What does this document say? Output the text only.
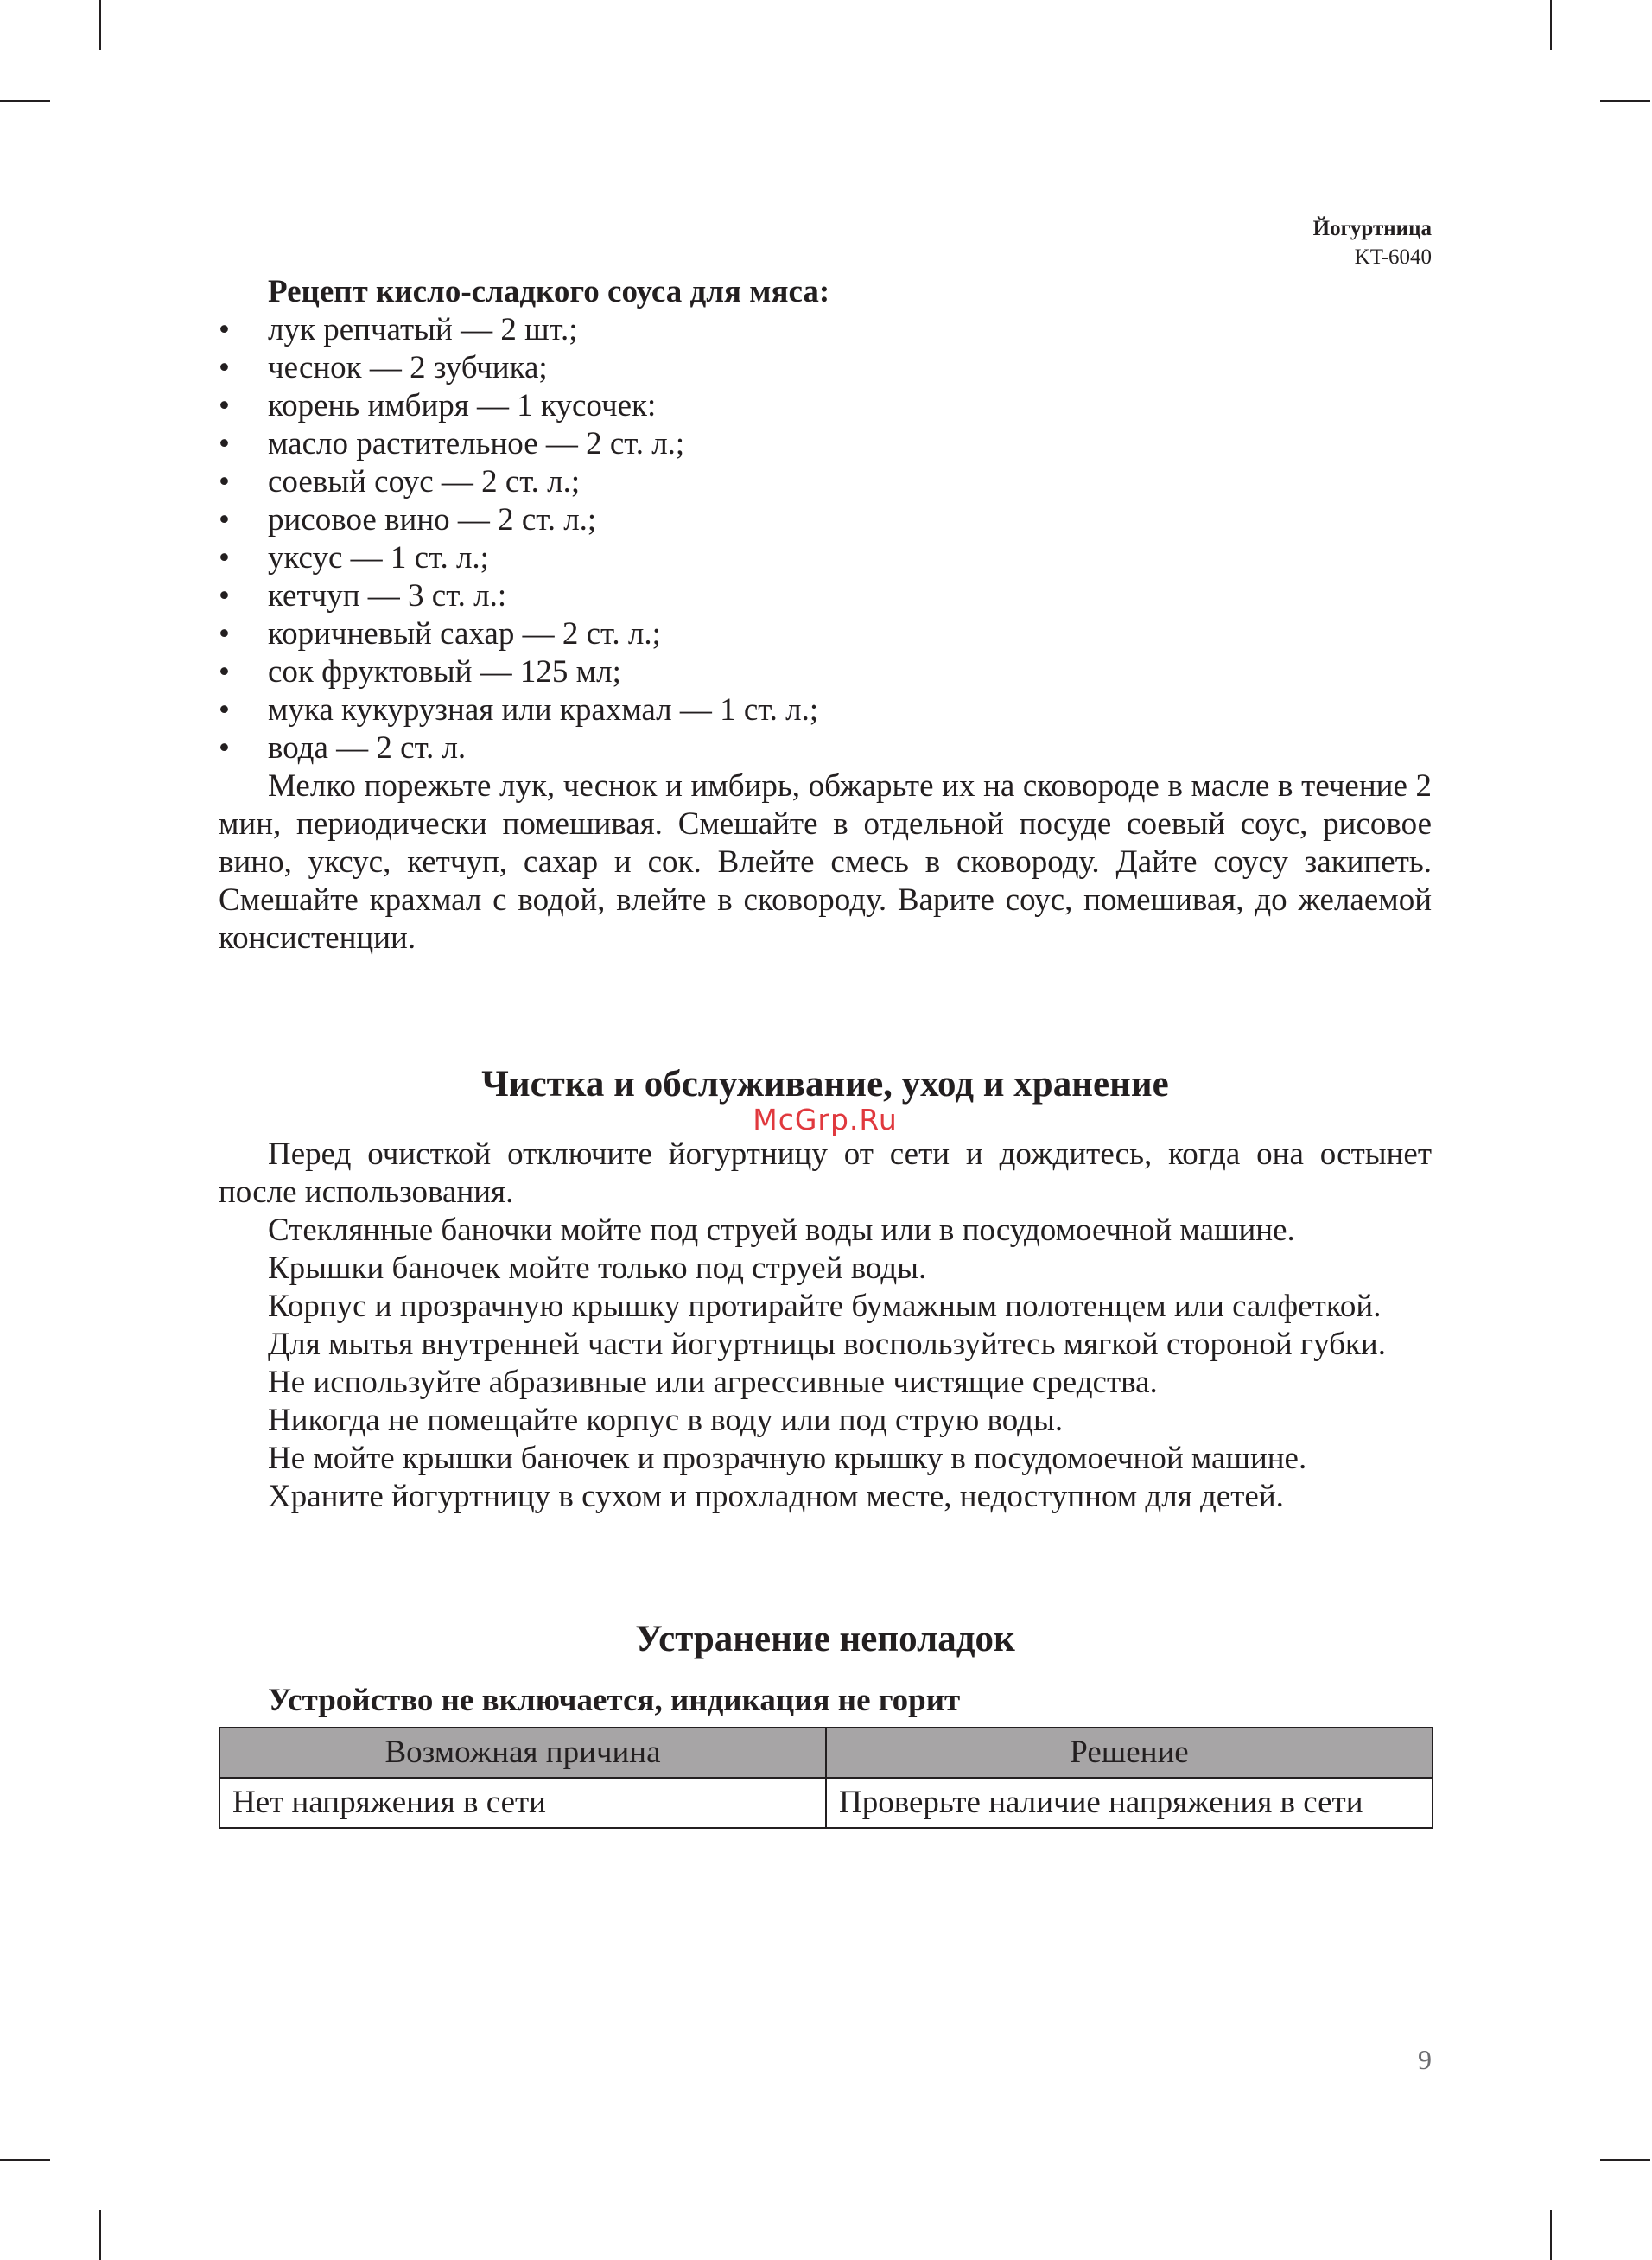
Йогуртница
KT-6040

Рецепт кисло-сладкого соуса для мяса:

• лук репчатый — 2 шт.;
• чеснок — 2 зубчика;
• корень имбиря — 1 кусочек:
• масло растительное — 2 ст. л.;
• соевый соус — 2 ст. л.;
• рисовое вино — 2 ст. л.;
• уксус — 1 ст. л.;
• кетчуп — 3 ст. л.:
• коричневый сахар — 2 ст. л.;
• сок фруктовый — 125 мл;
• мука кукурузная или крахмал — 1 ст. л.;
• вода — 2 ст. л.

Мелко порежьте лук, чеснок и имбирь, обжарьте их на сковороде в масле в течение 2 мин, периодически помешивая. Смешайте в отдельной посуде соевый соус, рисовое вино, уксус, кетчуп, сахар и сок. Влейте смесь в сковороду. Дайте соусу закипеть. Смешайте крахмал с водой, влейте в сковороду. Варите соус, помешивая, до желаемой консистенции.

Чистка и обслуживание, уход и хранение
McGrp.Ru

Перед очисткой отключите йогуртницу от сети и дождитесь, когда она остынет после использования.

Стеклянные баночки мойте под струей воды или в посудомоечной машине.

Крышки баночек мойте только под струей воды.

Корпус и прозрачную крышку протирайте бумажным полотенцем или салфеткой.

Для мытья внутренней части йогуртницы воспользуйтесь мягкой стороной губки.

Не используйте абразивные или агрессивные чистящие средства.

Никогда не помещайте корпус в воду или под струю воды.

Не мойте крышки баночек и прозрачную крышку в посудомоечной машине.

Храните йогуртницу в сухом и прохладном месте, недоступном для детей.

Устранение неполадок

Устройство не включается, индикация не горит

Возможная причина	Решение
Нет напряжения в сети	Проверьте наличие напряжения в сети
9
